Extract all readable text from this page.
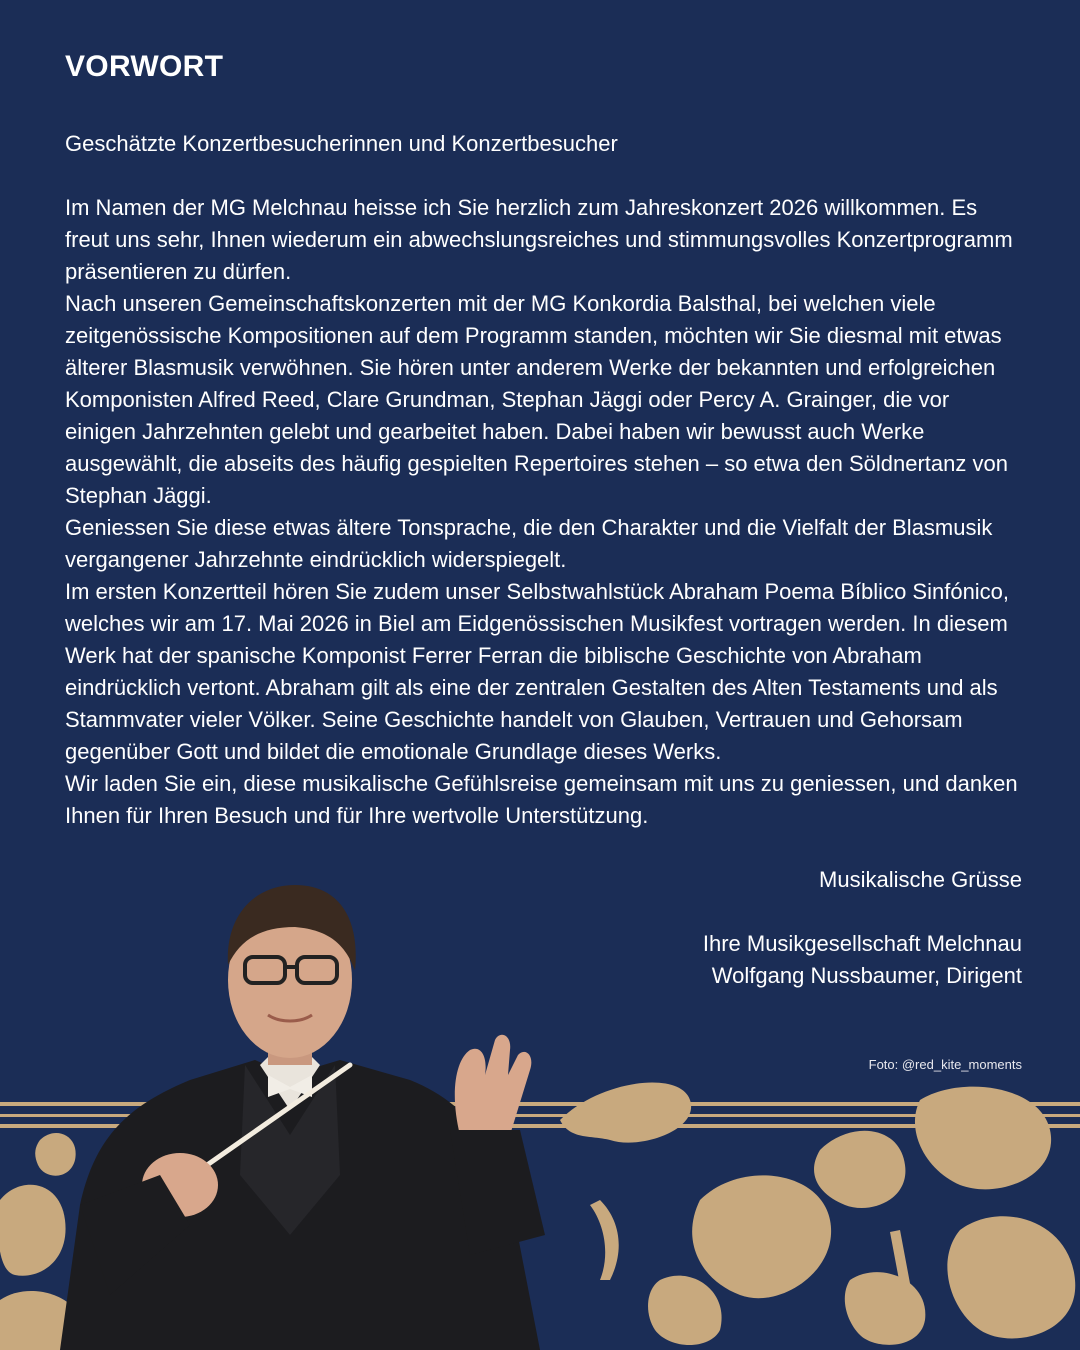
VORWORT

Geschätzte Konzertbesucherinnen und Konzertbesucher

Im Namen der MG Melchnau heisse ich Sie herzlich zum Jahreskonzert 2026 willkommen. Es freut uns sehr, Ihnen wiederum ein abwechslungsreiches und stimmungsvolles Konzertprogramm präsentieren zu dürfen.

Nach unseren Gemeinschaftskonzerten mit der MG Konkordia Balsthal, bei welchen viele zeitgenössische Kompositionen auf dem Programm standen, möchten wir Sie diesmal mit etwas älterer Blasmusik verwöhnen. Sie hören unter anderem Werke der bekannten und erfolgreichen Komponisten Alfred Reed, Clare Grundman, Stephan Jäggi oder Percy A. Grainger, die vor einigen Jahrzehnten gelebt und gearbeitet haben. Dabei haben wir bewusst auch Werke ausgewählt, die abseits des häufig gespielten Repertoires stehen – so etwa den Söldnertanz von Stephan Jäggi.

Geniessen Sie diese etwas ältere Tonsprache, die den Charakter und die Vielfalt der Blasmusik vergangener Jahrzehnte eindrücklich widerspiegelt.

Im ersten Konzertteil hören Sie zudem unser Selbstwahlstück Abraham Poema Bíblico Sinfónico, welches wir am 17. Mai 2026 in Biel am Eidgenössischen Musikfest vortragen werden. In diesem Werk hat der spanische Komponist Ferrer Ferran die biblische Geschichte von Abraham eindrücklich vertont. Abraham gilt als eine der zentralen Gestalten des Alten Testaments und als Stammvater vieler Völker. Seine Geschichte handelt von Glauben, Vertrauen und Gehorsam gegenüber Gott und bildet die emotionale Grundlage dieses Werks.

Wir laden Sie ein, diese musikalische Gefühlsreise gemeinsam mit uns zu geniessen, und danken Ihnen für Ihren Besuch und für Ihre wertvolle Unterstützung.

Musikalische Grüsse

Ihre Musikgesellschaft Melchnau
Wolfgang Nussbaumer, Dirigent
Foto: @red_kite_moments
